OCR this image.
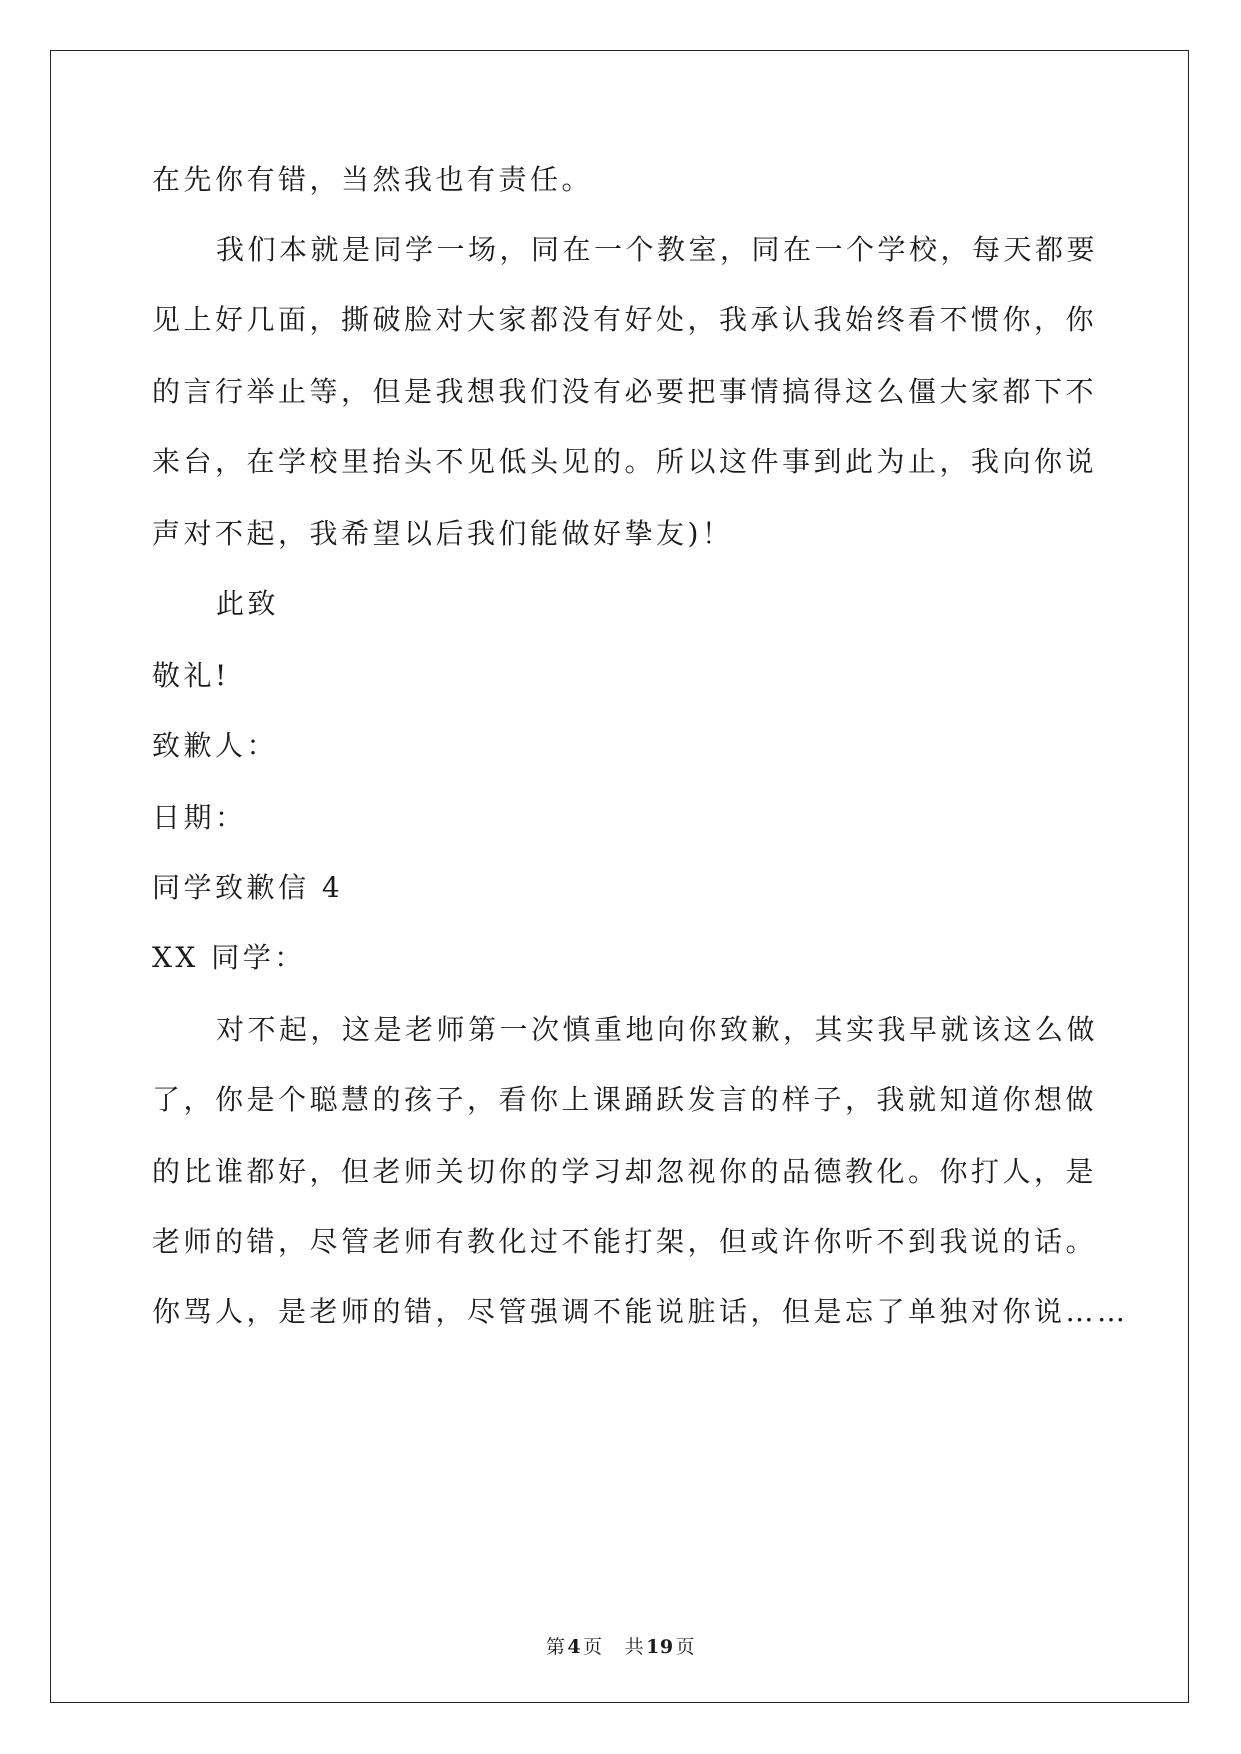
在先你有错，当然我也有责任。
我们本就是同学一场，同在一个教室，同在一个学校，每天都要
见上好几面，撕破脸对大家都没有好处，我承认我始终看不惯你，你
的言行举止等，但是我想我们没有必要把事情搞得这么僵大家都下不
来台，在学校里抬头不见低头见的。所以这件事到此为止，我向你说
声对不起，我希望以后我们能做好挚友)！
此致
敬礼!
致歉人：
日期：
同学致歉信 4
XX 同学：
对不起，这是老师第一次慎重地向你致歉，其实我早就该这么做
了，你是个聪慧的孩子，看你上课踊跃发言的样子，我就知道你想做
的比谁都好，但老师关切你的学习却忽视你的品德教化。你打人，是
老师的错，尽管老师有教化过不能打架，但或许你听不到我说的话。
你骂人，是老师的错，尽管强调不能说脏话，但是忘了单独对你说……
第 4 页 共 19 页
